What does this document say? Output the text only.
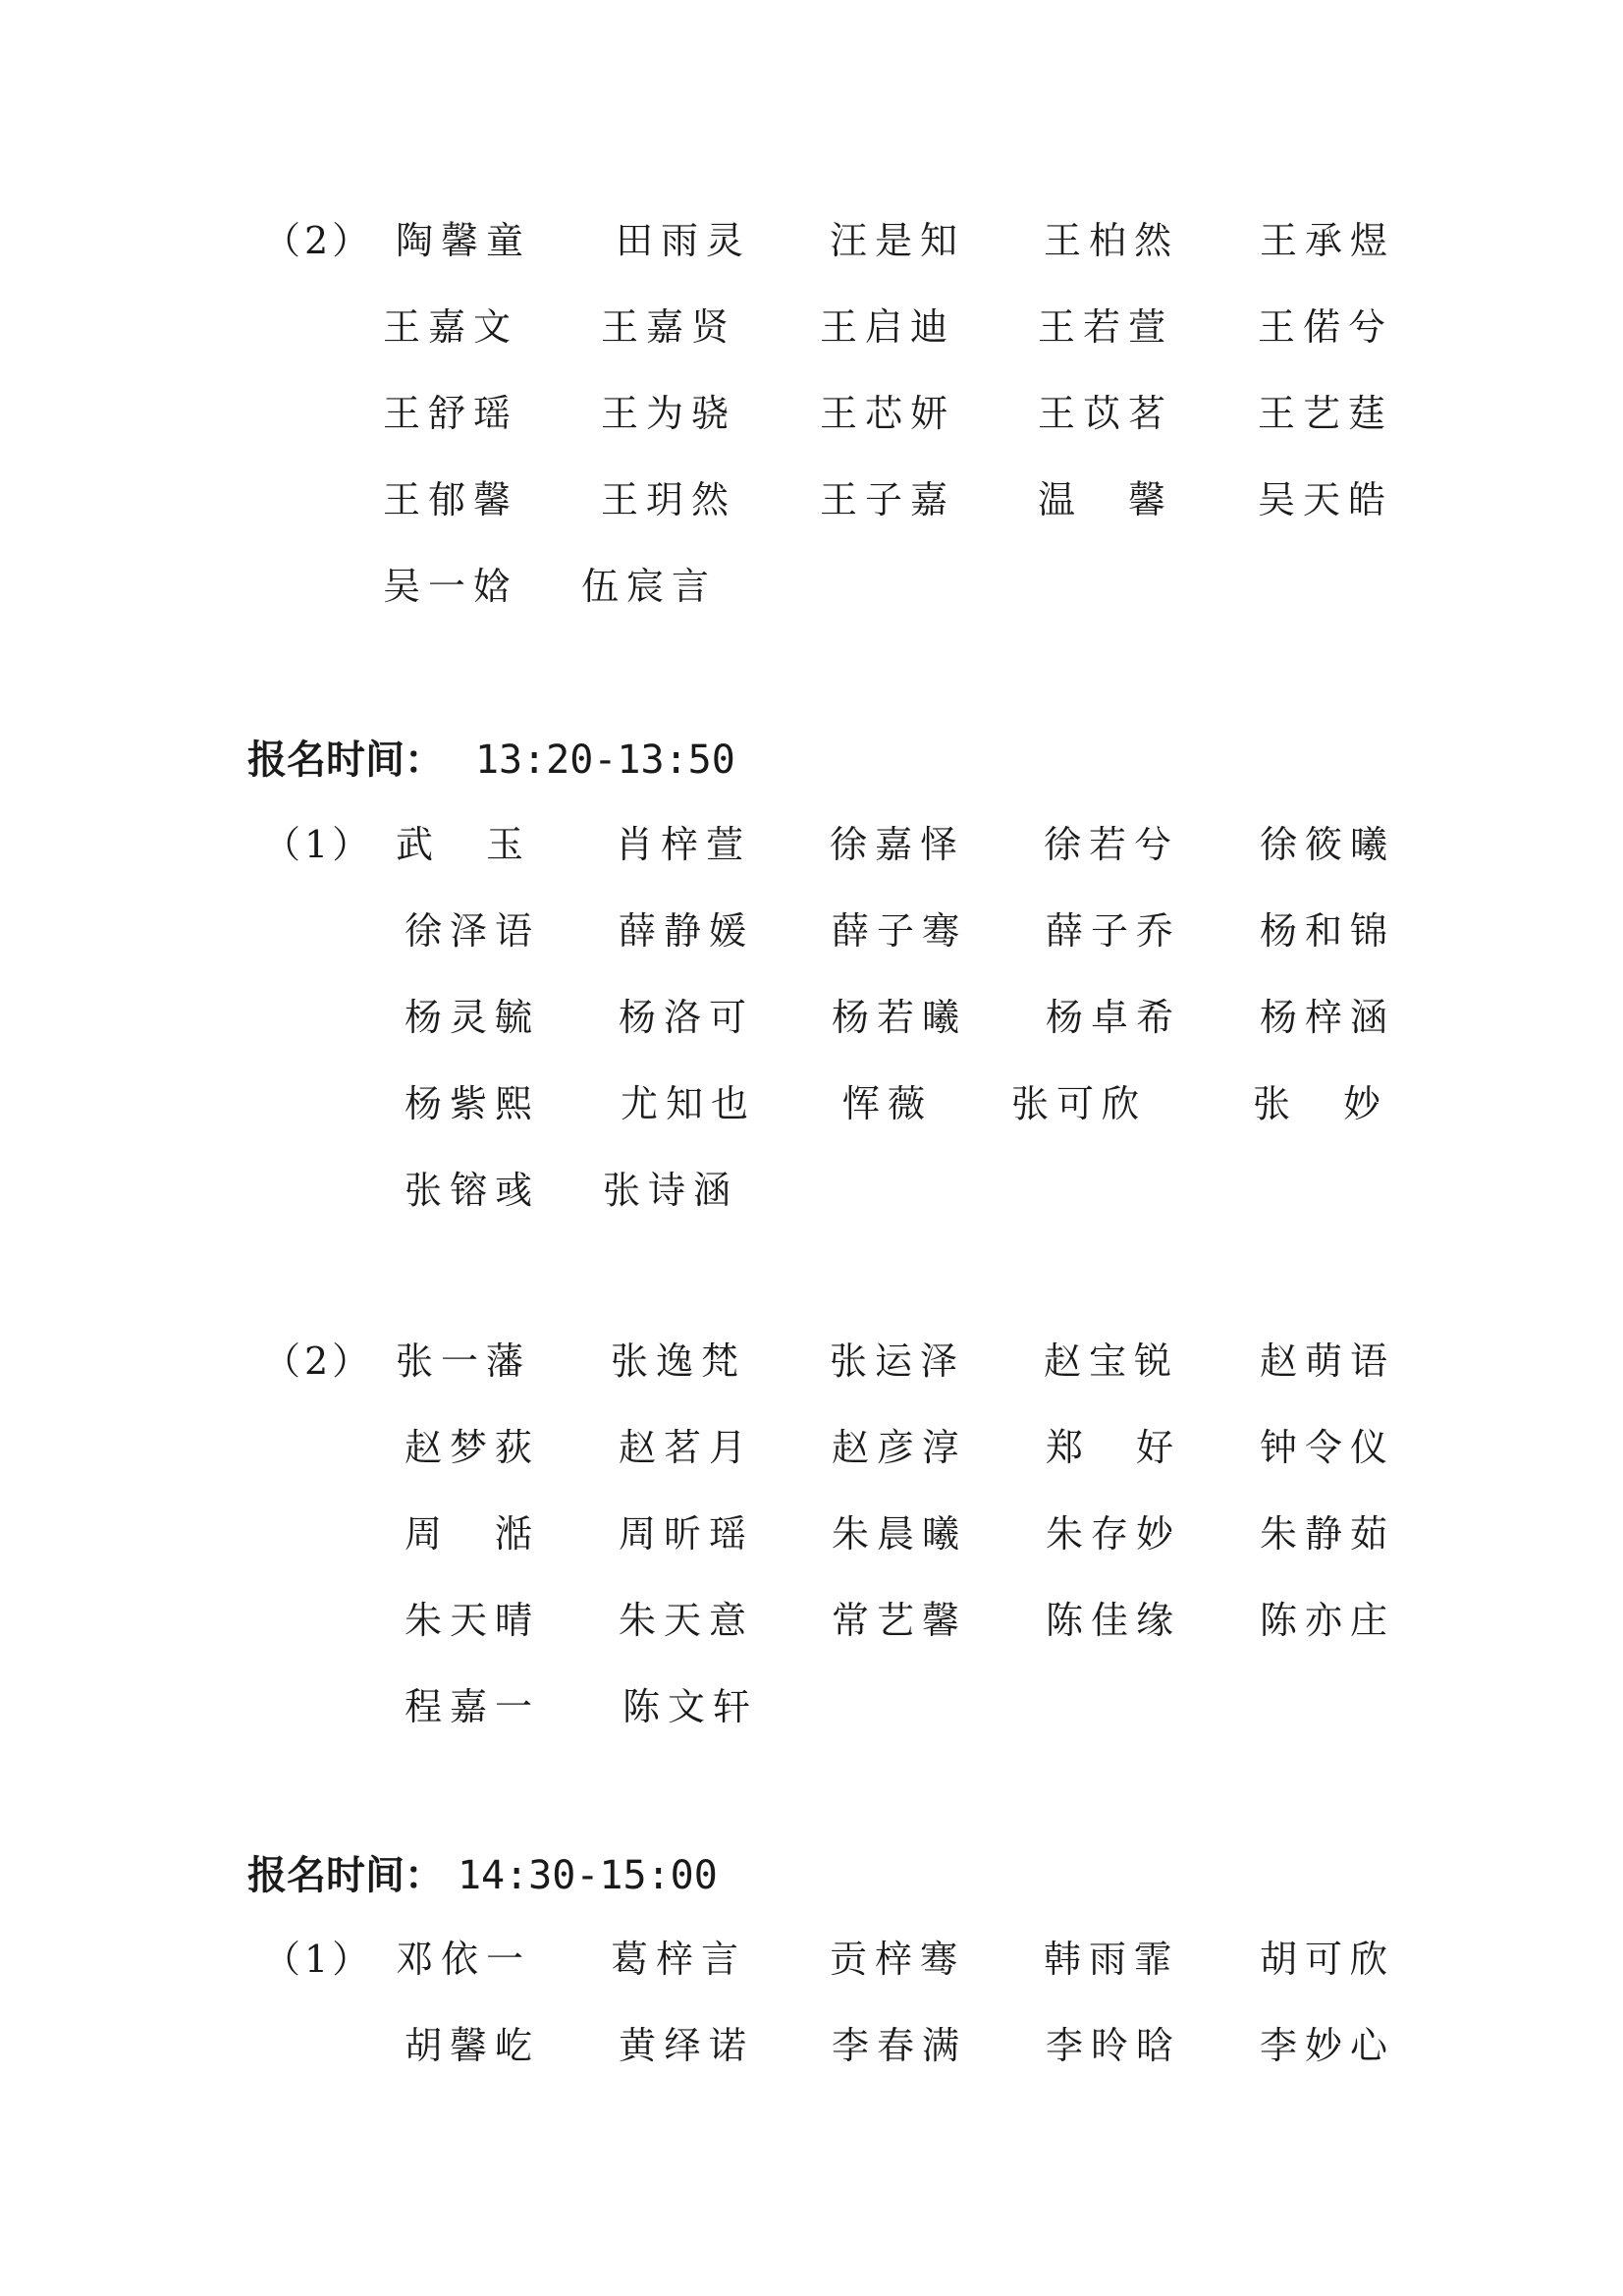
（2） 陶馨童 田雨灵 汪是知 王柏然 王承煜
王嘉文 王嘉贤 王启迪 王若萱 王偌兮
王舒瑶 王为骁 王芯妍 王苡茗 王艺莛
王郁馨 王玥然 王子嘉 温　馨 吴天皓
吴一娢 伍宸言
报名时间： 13:20-13:50
（1） 武　玉 肖梓萱 徐嘉怿 徐若兮 徐筱曦
徐泽语 薛静媛 薛子骞 薛子乔 杨和锦
杨灵毓 杨洛可 杨若曦 杨卓希 杨梓涵
杨紫熙 尤知也 恽薇 张可欣	张　妙
张镕彧 张诗涵
（2） 张一藩 张逸梵 张运泽 赵宝锐 赵萌语
赵梦荻 赵茗月 赵彦淳 郑　好 钟令仪
周　湉 周昕瑶 朱晨曦 朱存妙 朱静茹
朱天晴 朱天意 常艺馨 陈佳缘 陈亦庄
程嘉一 陈文轩
报名时间： 14:30-15:00
（1） 邓依一 葛梓言 贡梓骞 韩雨霏 胡可欣
胡馨屹 黄绎诺 李春满 李昤晗 李妙心
